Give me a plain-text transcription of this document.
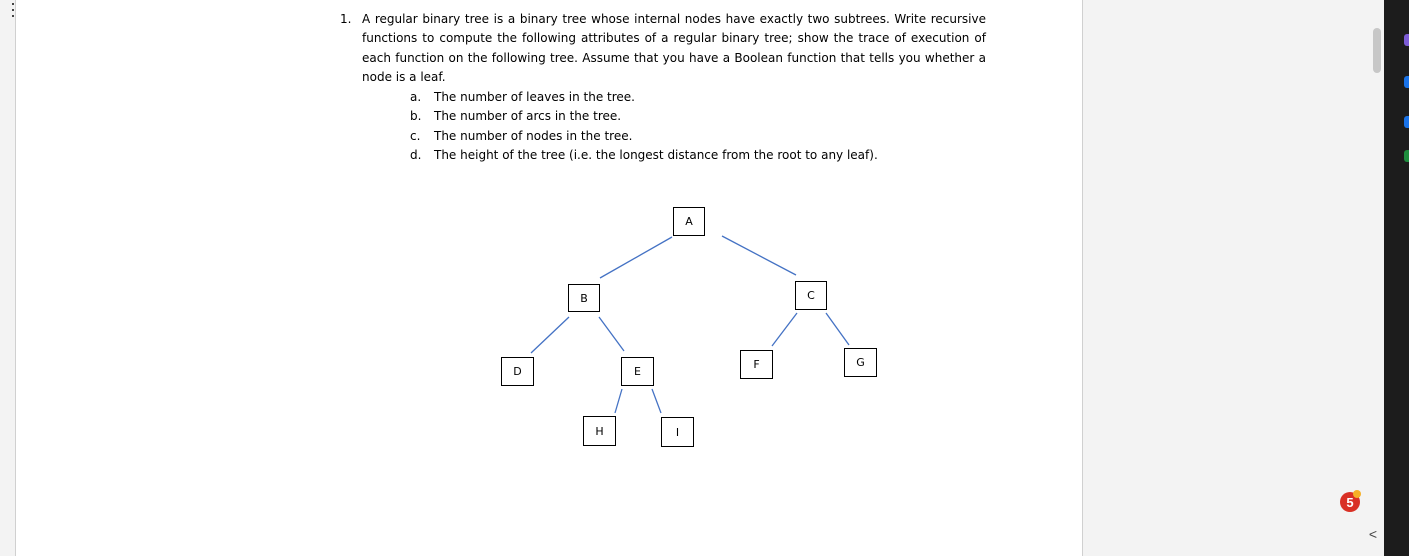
1. A regular binary tree is a binary tree whose internal nodes have exactly two subtrees. Write recursive functions to compute the following attributes of a regular binary tree; show the trace of execution of each function on the following tree. Assume that you have a Boolean function that tells you whether a node is a leaf.
a. The number of leaves in the tree.
b. The number of arcs in the tree.
c. The number of nodes in the tree.
d. The height of the tree (i.e. the longest distance from the root to any leaf).
A
B	C
D	E
F	G
H	I
5
<
